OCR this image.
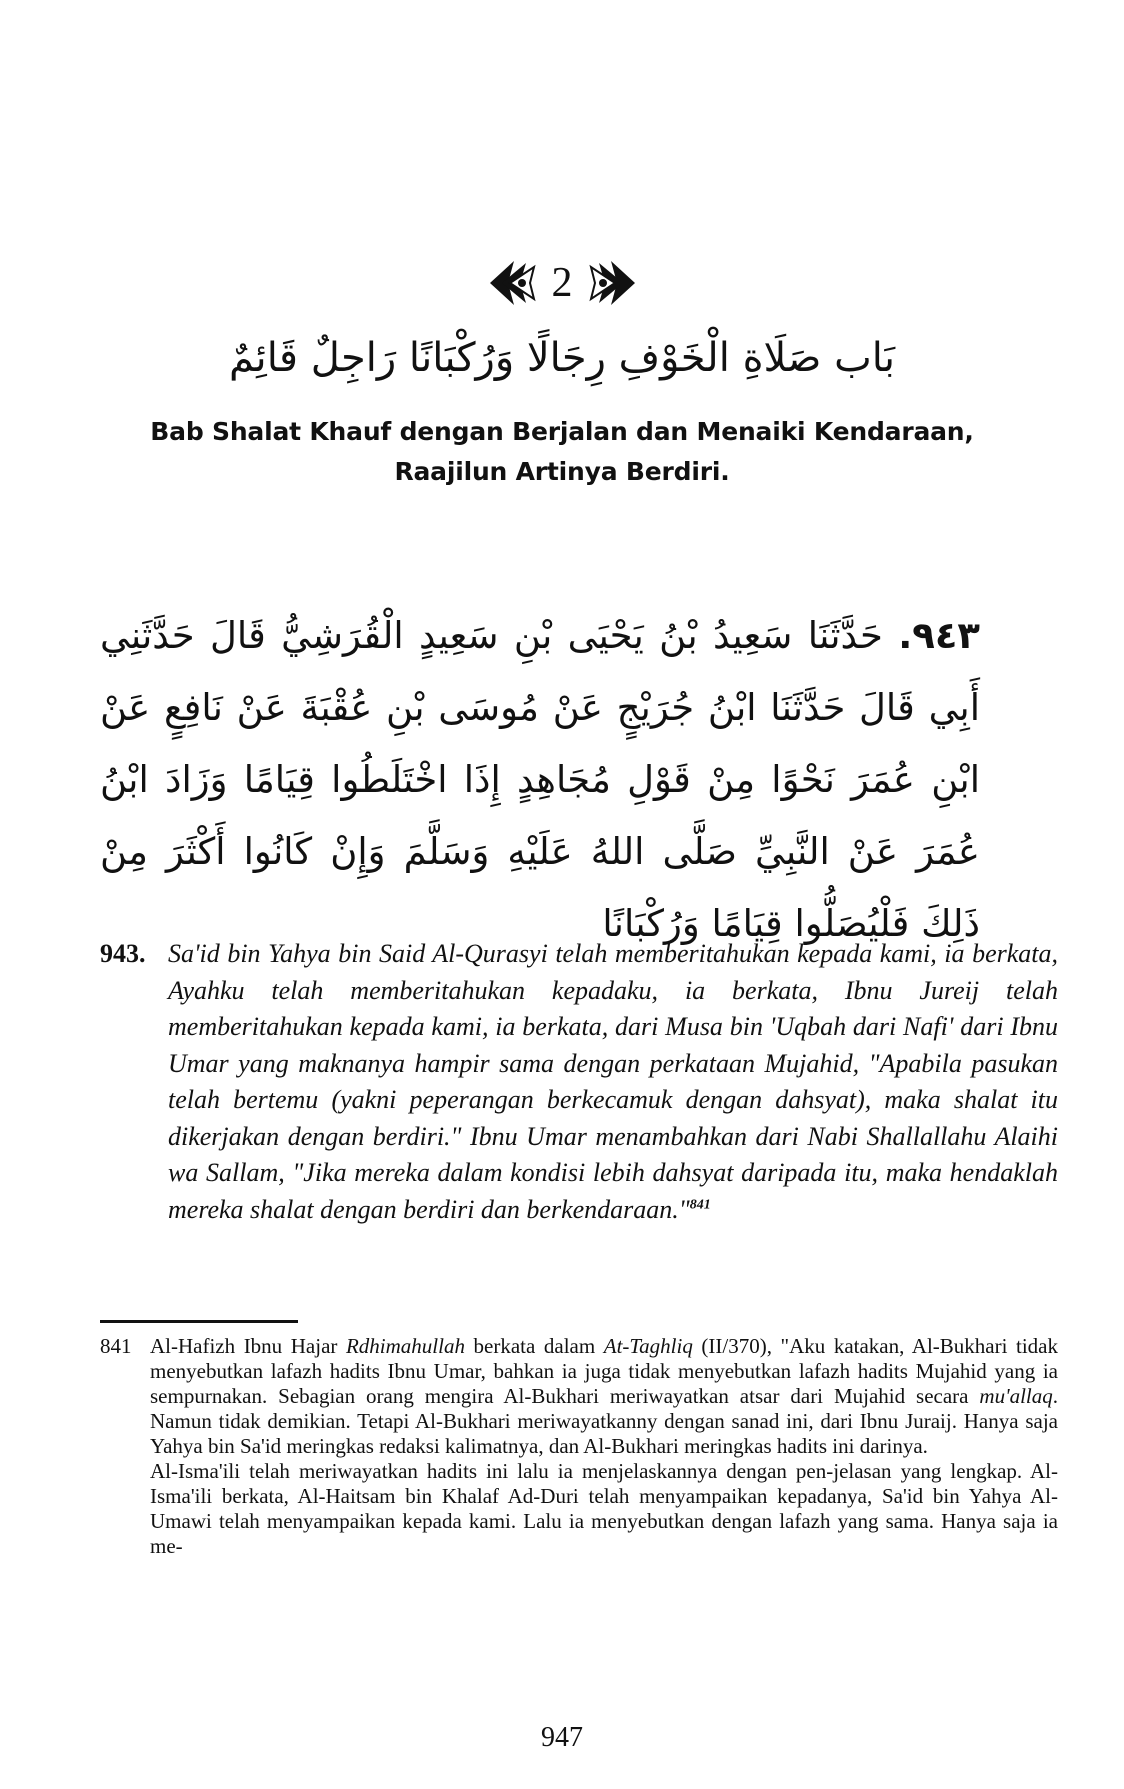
2
بَاب صَلَاةِ الْخَوْفِ رِجَالًا وَرُكْبَانًا رَاجِلٌ قَائِمٌ
Bab Shalat Khauf dengan Berjalan dan Menaiki Kendaraan,
Raajilun Artinya Berdiri.
٩٤٣. حَدَّثَنَا سَعِيدُ بْنُ يَحْيَى بْنِ سَعِيدٍ الْقُرَشِيُّ قَالَ حَدَّثَنِي أَبِي قَالَ حَدَّثَنَا ابْنُ جُرَيْجٍ عَنْ مُوسَى بْنِ عُقْبَةَ عَنْ نَافِعٍ عَنْ ابْنِ عُمَرَ نَحْوًا مِنْ قَوْلِ مُجَاهِدٍ إِذَا اخْتَلَطُوا قِيَامًا وَزَادَ ابْنُ عُمَرَ عَنْ النَّبِيِّ صَلَّى اللهُ عَلَيْهِ وَسَلَّمَ وَإِنْ كَانُوا أَكْثَرَ مِنْ ذَلِكَ فَلْيُصَلُّوا قِيَامًا وَرُكْبَانًا
943. Sa'id bin Yahya bin Said Al-Qurasyi telah memberitahukan kepada kami, ia berkata, Ayahku telah memberitahukan kepadaku, ia berkata, Ibnu Jureij telah memberitahukan kepada kami, ia berkata, dari Musa bin 'Uqbah dari Nafi' dari Ibnu Umar yang maknanya hampir sama dengan perkataan Mujahid, "Apabila pasukan telah bertemu (yakni peperangan berkecamuk dengan dahsyat), maka shalat itu dikerjakan dengan berdiri." Ibnu Umar menambahkan dari Nabi Shallallahu Alaihi wa Sallam, "Jika mereka dalam kondisi lebih dahsyat daripada itu, maka hendaklah mereka shalat dengan berdiri dan berkendaraan."$^{841}$
841 Al-Hafizh Ibnu Hajar Rdhimahullah berkata dalam At-Taghliq (II/370), "Aku katakan, Al-Bukhari tidak menyebutkan lafazh hadits Ibnu Umar, bahkan ia juga tidak menyebutkan lafazh hadits Mujahid yang ia sempurnakan. Sebagian orang mengira Al-Bukhari meriwayatkan atsar dari Mujahid secara mu'allaq. Namun tidak demikian. Tetapi Al-Bukhari meriwayatkanny dengan sanad ini, dari Ibnu Juraij. Hanya saja Yahya bin Sa'id meringkas redaksi kalimatnya, dan Al-Bukhari meringkas hadits ini darinya.

Al-Isma'ili telah meriwayatkan hadits ini lalu ia menjelaskannya dengan pen-jelasan yang lengkap. Al-Isma'ili berkata, Al-Haitsam bin Khalaf Ad-Duri telah menyampaikan kepadanya, Sa'id bin Yahya Al-Umawi telah menyampaikan kepada kami. Lalu ia menyebutkan dengan lafazh yang sama. Hanya saja ia me-

947
